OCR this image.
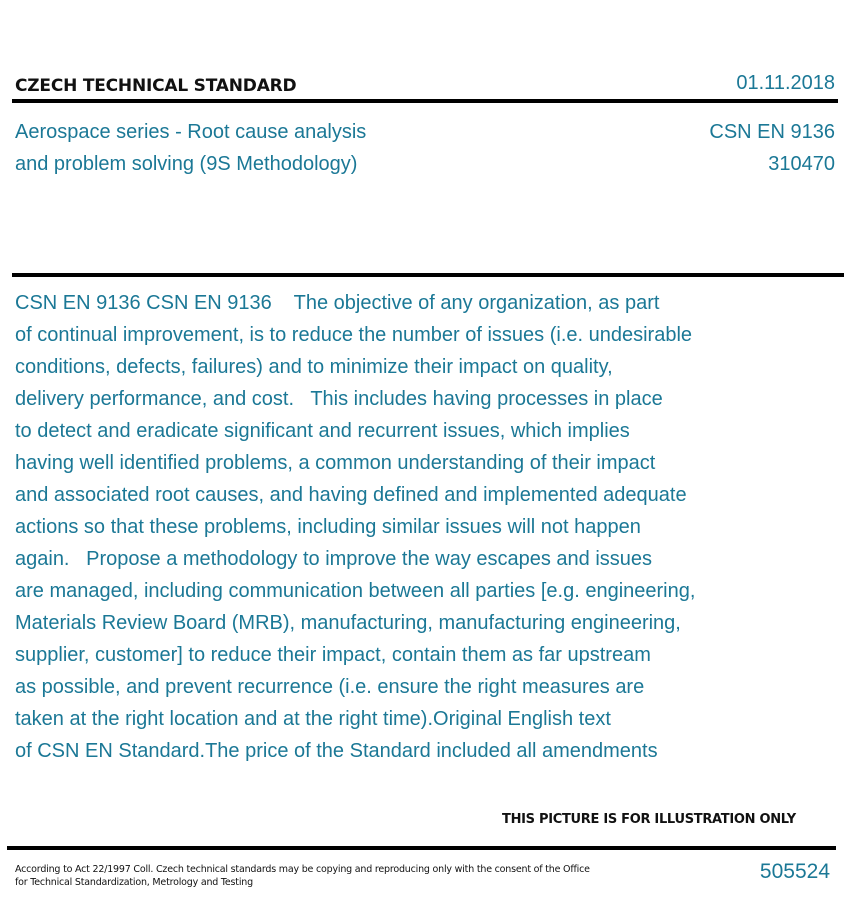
CZECH TECHNICAL STANDARD	01.11.2018
Aerospace series - Root cause analysis
and problem solving (9S Methodology)
CSN EN 9136
310470
CSN EN 9136 CSN EN 9136    The objective of any organization, as part
of continual improvement, is to reduce the number of issues (i.e. undesirable
conditions, defects, failures) and to minimize their impact on quality,
delivery performance, and cost.   This includes having processes in place
to detect and eradicate significant and recurrent issues, which implies
having well identified problems, a common understanding of their impact
and associated root causes, and having defined and implemented adequate
actions so that these problems, including similar issues will not happen
again.   Propose a methodology to improve the way escapes and issues
are managed, including communication between all parties [e.g. engineering,
Materials Review Board (MRB), manufacturing, manufacturing engineering,
supplier, customer] to reduce their impact, contain them as far upstream
as possible, and prevent recurrence (i.e. ensure the right measures are
taken at the right location and at the right time).Original English text
of CSN EN Standard.The price of the Standard included all amendments
THIS PICTURE IS FOR ILLUSTRATION ONLY
According to Act 22/1997 Coll. Czech technical standards may be copying and reproducing only with the consent of the Office
for Technical Standardization, Metrology and Testing	505524
